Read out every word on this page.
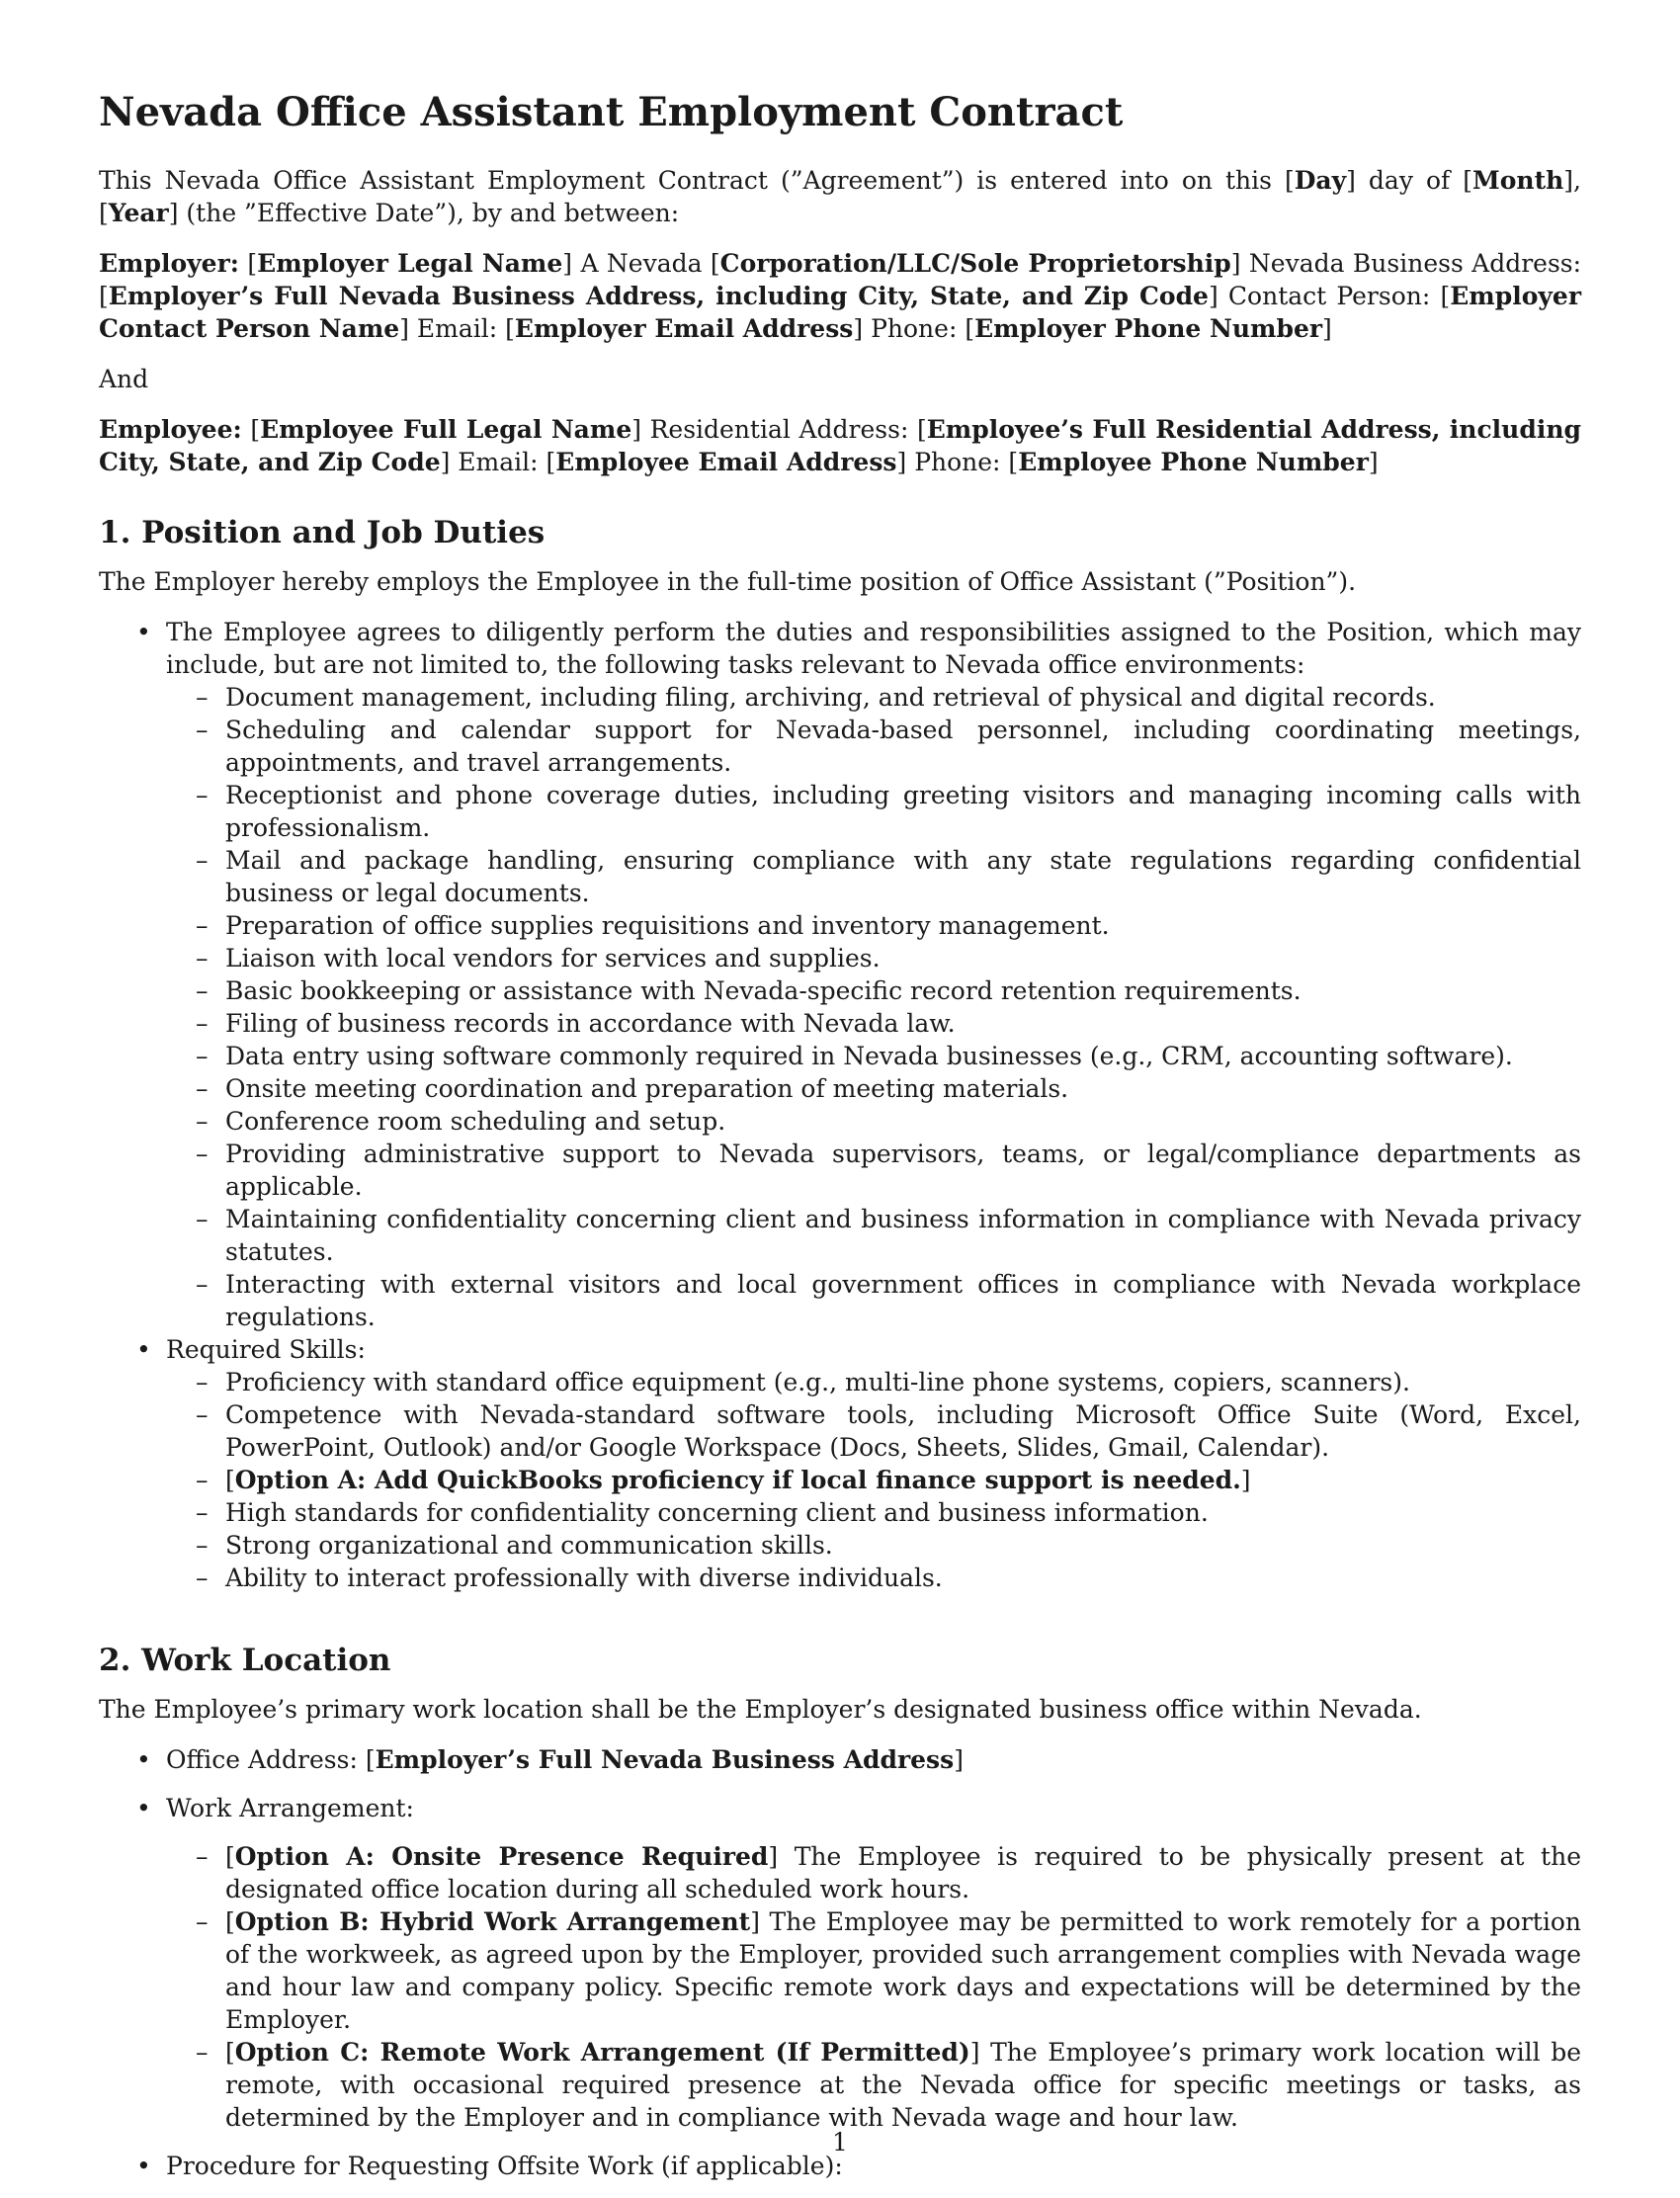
Nevada Office Assistant Employment Contract

This Nevada Office Assistant Employment Contract (”Agreement”) is entered into on this [Day] day of [Month], [Year] (the ”Effective Date”), by and between:

Employer: [Employer Legal Name] A Nevada [Corporation/LLC/Sole Proprietorship] Nevada Business Address: [Employer’s Full Nevada Business Address, including City, State, and Zip Code] Contact Person: [Employer Contact Person Name] Email: [Employer Email Address] Phone: [Employer Phone Number]

And

Employee: [Employee Full Legal Name] Residential Address: [Employee’s Full Residential Address, including City, State, and Zip Code] Email: [Employee Email Address] Phone: [Employee Phone Number]

1. Position and Job Duties

The Employer hereby employs the Employee in the full-time position of Office Assistant (”Position”).

• The Employee agrees to diligently perform the duties and responsibilities assigned to the Position, which may include, but are not limited to, the following tasks relevant to Nevada office environments:
– Document management, including filing, archiving, and retrieval of physical and digital records.
– Scheduling and calendar support for Nevada-based personnel, including coordinating meetings, appointments, and travel arrangements.
– Receptionist and phone coverage duties, including greeting visitors and managing incoming calls with professionalism.
– Mail and package handling, ensuring compliance with any state regulations regarding confidential business or legal documents.
– Preparation of office supplies requisitions and inventory management.
– Liaison with local vendors for services and supplies.
– Basic bookkeeping or assistance with Nevada-specific record retention requirements.
– Filing of business records in accordance with Nevada law.
– Data entry using software commonly required in Nevada businesses (e.g., CRM, accounting software).
– Onsite meeting coordination and preparation of meeting materials.
– Conference room scheduling and setup.
– Providing administrative support to Nevada supervisors, teams, or legal/compliance departments as applicable.
– Maintaining confidentiality concerning client and business information in compliance with Nevada privacy statutes.
– Interacting with external visitors and local government offices in compliance with Nevada workplace regulations.
• Required Skills:
– Proficiency with standard office equipment (e.g., multi-line phone systems, copiers, scanners).
– Competence with Nevada-standard software tools, including Microsoft Office Suite (Word, Excel, PowerPoint, Outlook) and/or Google Workspace (Docs, Sheets, Slides, Gmail, Calendar).
– [Option A: Add QuickBooks proficiency if local finance support is needed.]
– High standards for confidentiality concerning client and business information.
– Strong organizational and communication skills.
– Ability to interact professionally with diverse individuals.
2. Work Location

The Employee’s primary work location shall be the Employer’s designated business office within Nevada.

• Office Address: [Employer’s Full Nevada Business Address]
• Work Arrangement:
– [Option A: Onsite Presence Required] The Employee is required to be physically present at the designated office location during all scheduled work hours.
– [Option B: Hybrid Work Arrangement] The Employee may be permitted to work remotely for a portion of the workweek, as agreed upon by the Employer, provided such arrangement complies with Nevada wage and hour law and company policy. Specific remote work days and expectations will be determined by the Employer.
– [Option C: Remote Work Arrangement (If Permitted)] The Employee’s primary work location will be remote, with occasional required presence at the Nevada office for specific meetings or tasks, as determined by the Employer and in compliance with Nevada wage and hour law.
• Procedure for Requesting Offsite Work (if applicable):
1
